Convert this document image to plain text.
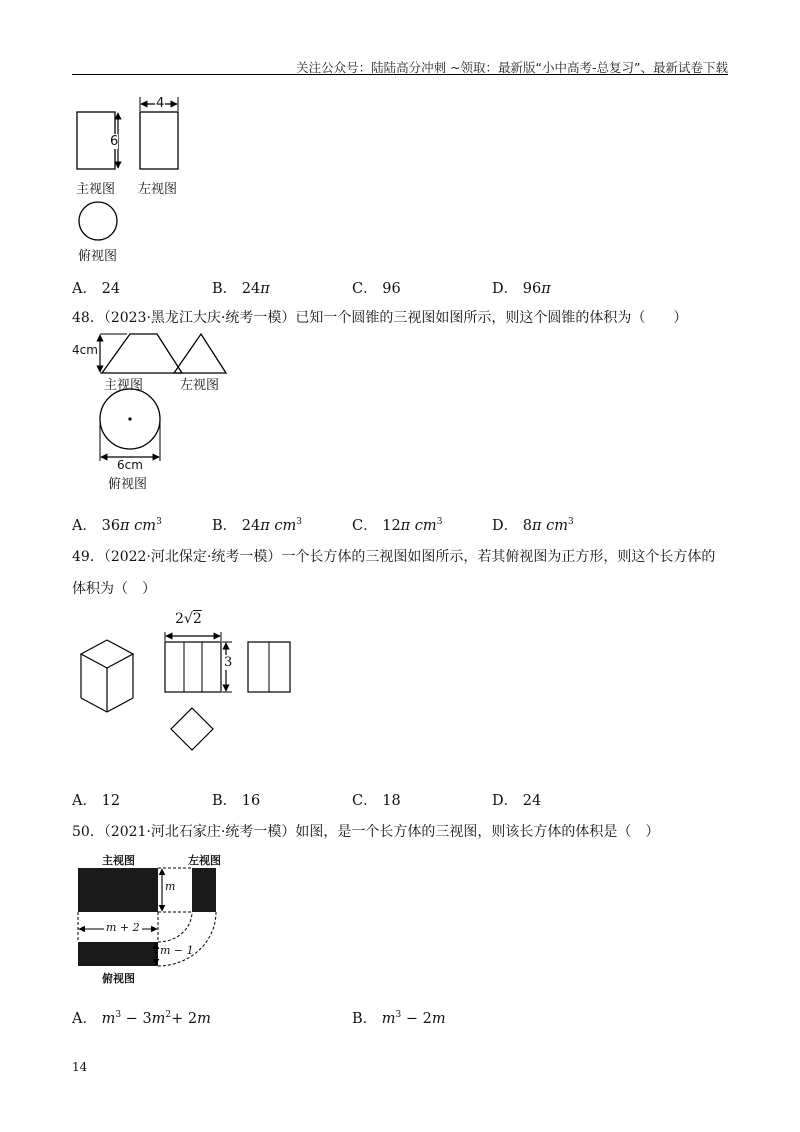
关注公众号：陆陆高分冲刺 ~领取：最新版“小中高考-总复习”、最新试卷下载
4
6
主视图 左视图
俯视图
A． 24	B． 24π	C． 96	D． 96π
48．（2023·黑龙江大庆·统考一模）已知一个圆锥的三视图如图所示，则这个圆锥的体积为（　　）
4cm
主视图	左视图
6cm
俯视图
A． 36π $cm^3$	B． 24π $cm^3$	C． 12π $cm^3$	D． 8π $cm^3$
49．（2022·河北保定·统考一模）一个长方体的三视图如图所示，若其俯视图为正方形，则这个长方体的
体积为（　）
2√2
3
A． 12	B． 16	C． 18	D． 24
50．（2021·河北石家庄·统考一模）如图，是一个长方体的三视图，则该长方体的体积是（　）
主视图	左视图
m
m + 2
m − 1
俯视图
A． $m^3 - 3m^2+ 2m$	B． $m^3 - 2m$
14
